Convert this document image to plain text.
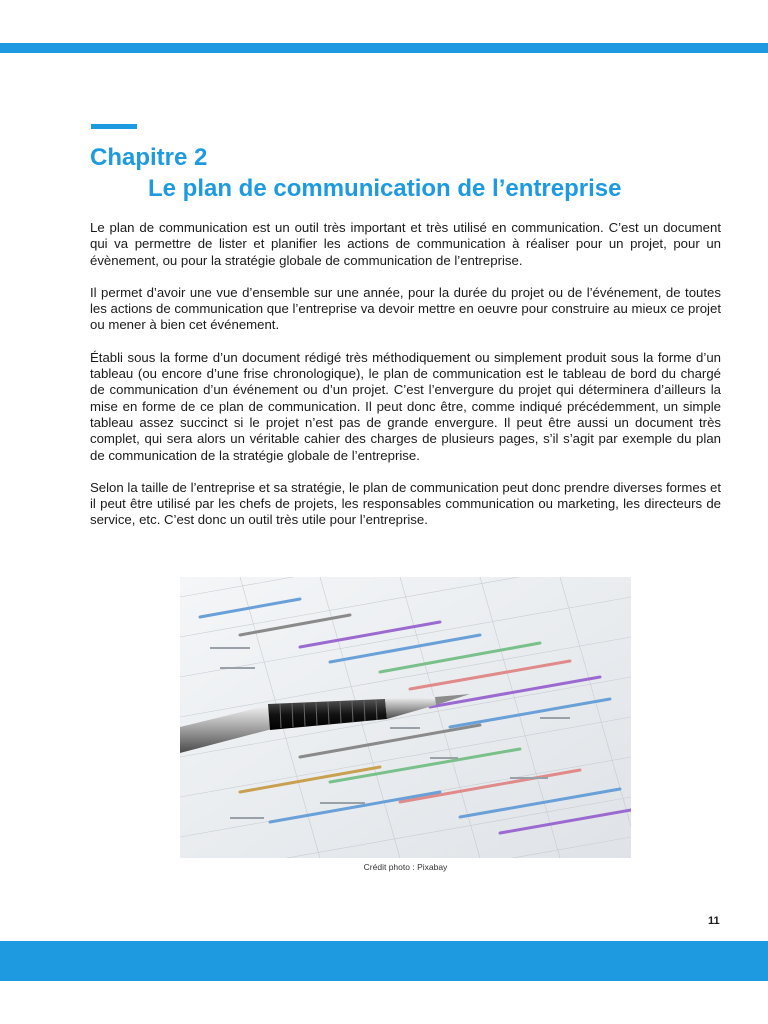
Chapitre 2
Le plan de communication de l’entreprise

Le plan de communication est un outil très important et très utilisé en communication. C’est un document qui va permettre de lister et planifier les actions de communication à réaliser pour un projet, pour un évènement, ou pour la stratégie globale de communication de l’entreprise.

Il permet d’avoir une vue d’ensemble sur une année, pour la durée du projet ou de l’événement, de toutes les actions de communication que l’entreprise va devoir mettre en oeuvre pour construire au mieux ce projet ou mener à bien cet événement.

Établi sous la forme d’un document rédigé très méthodiquement ou simplement produit sous la forme d’un tableau (ou encore d’une frise chronologique), le plan de communication est le tableau de bord du chargé de communication d’un événement ou d’un projet. C’est l’envergure du projet qui déterminera d’ailleurs la mise en forme de ce plan de communication. Il peut donc être, comme indiqué précédemment, un simple tableau assez succinct si le projet n’est pas de grande envergure. Il peut être aussi un document très complet, qui sera alors un véritable cahier des charges de plusieurs pages, s’il s’agit par exemple du plan de communication de la stratégie globale de l’entreprise.

Selon la taille de l’entreprise et sa stratégie, le plan de communication peut donc prendre diverses formes et il peut être utilisé par les chefs de projets, les responsables communication ou marketing, les directeurs de service, etc. C’est donc un outil très utile pour l’entreprise.

Crédit photo : Pixabay
11
